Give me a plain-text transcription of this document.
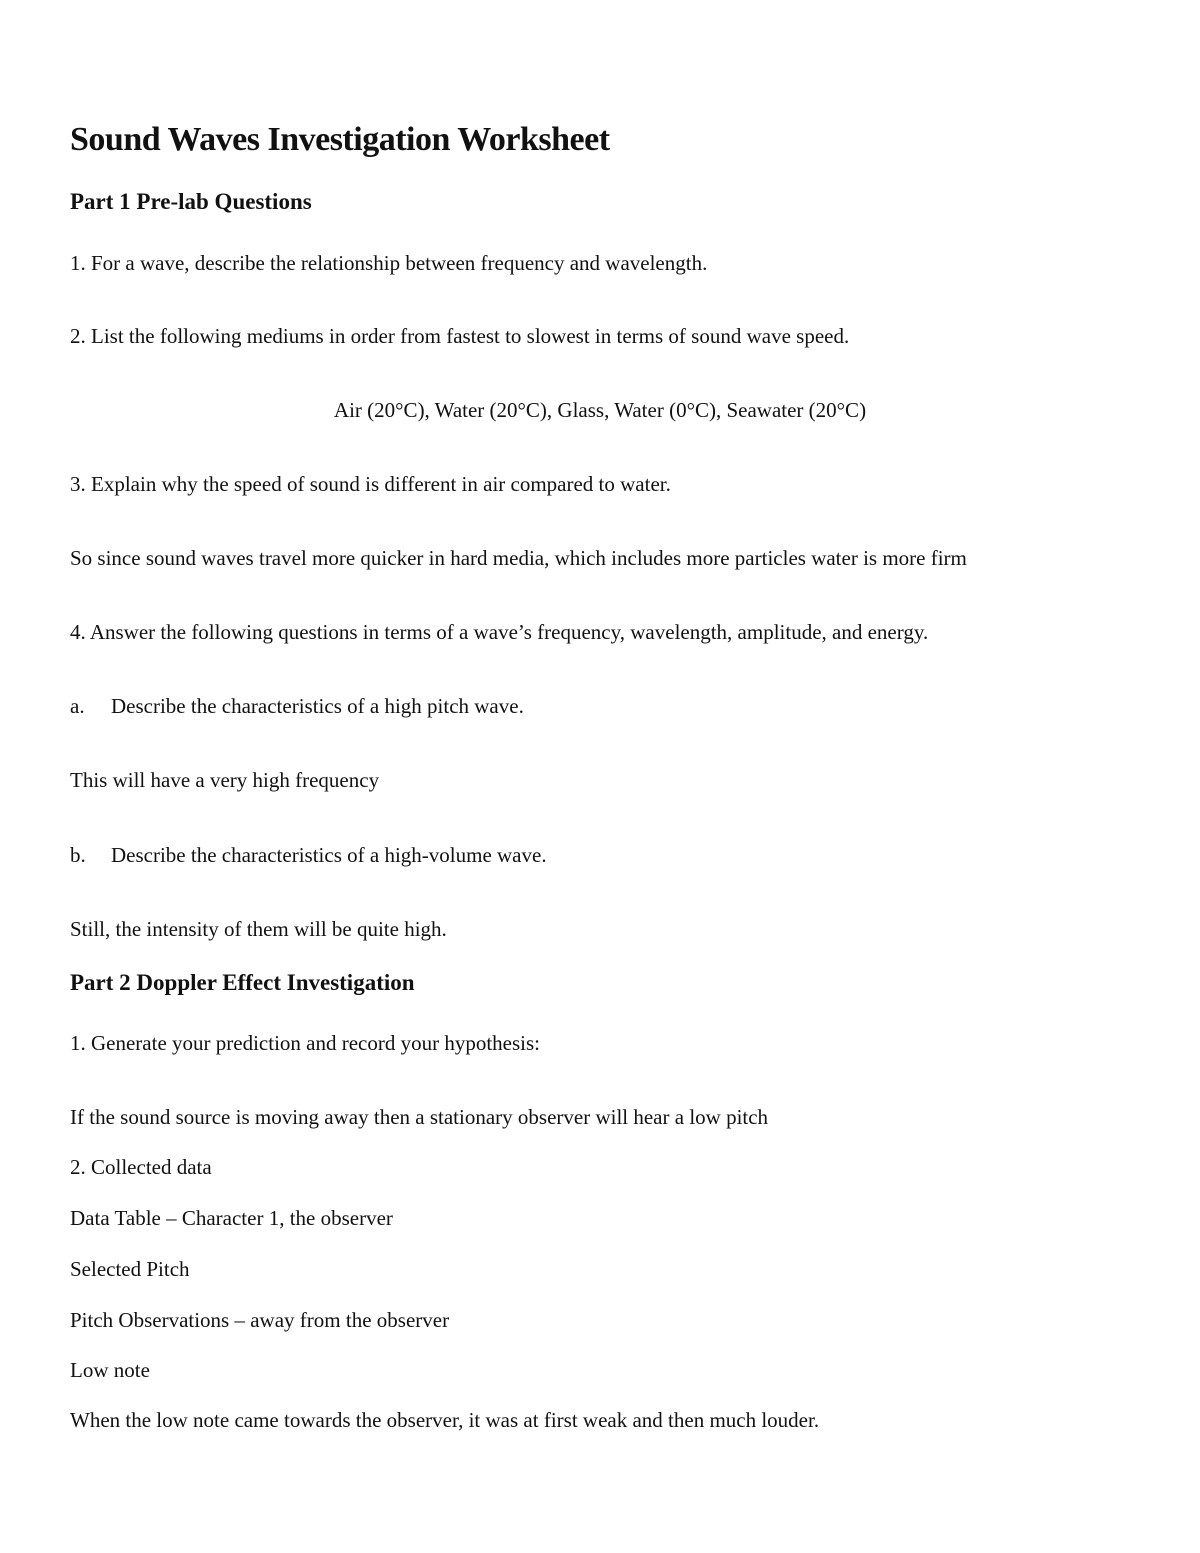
Sound Waves Investigation Worksheet
Part 1 Pre-lab Questions

1. For a wave, describe the relationship between frequency and wavelength.

2. List the following mediums in order from fastest to slowest in terms of sound wave speed.

Air (20°C), Water (20°C), Glass, Water (0°C), Seawater (20°C)

3. Explain why the speed of sound is different in air compared to water.

So since sound waves travel more quicker in hard media, which includes more particles water is more firm

4. Answer the following questions in terms of a wave’s frequency, wavelength, amplitude, and energy.

a. Describe the characteristics of a high pitch wave.

This will have a very high frequency

b. Describe the characteristics of a high-volume wave.

Still, the intensity of them will be quite high.

Part 2 Doppler Effect Investigation

1. Generate your prediction and record your hypothesis:

If the sound source is moving away then a stationary observer will hear a low pitch

2. Collected data

Data Table – Character 1, the observer

Selected Pitch

Pitch Observations – away from the observer

Low note

When the low note came towards the observer, it was at first weak and then much louder.
